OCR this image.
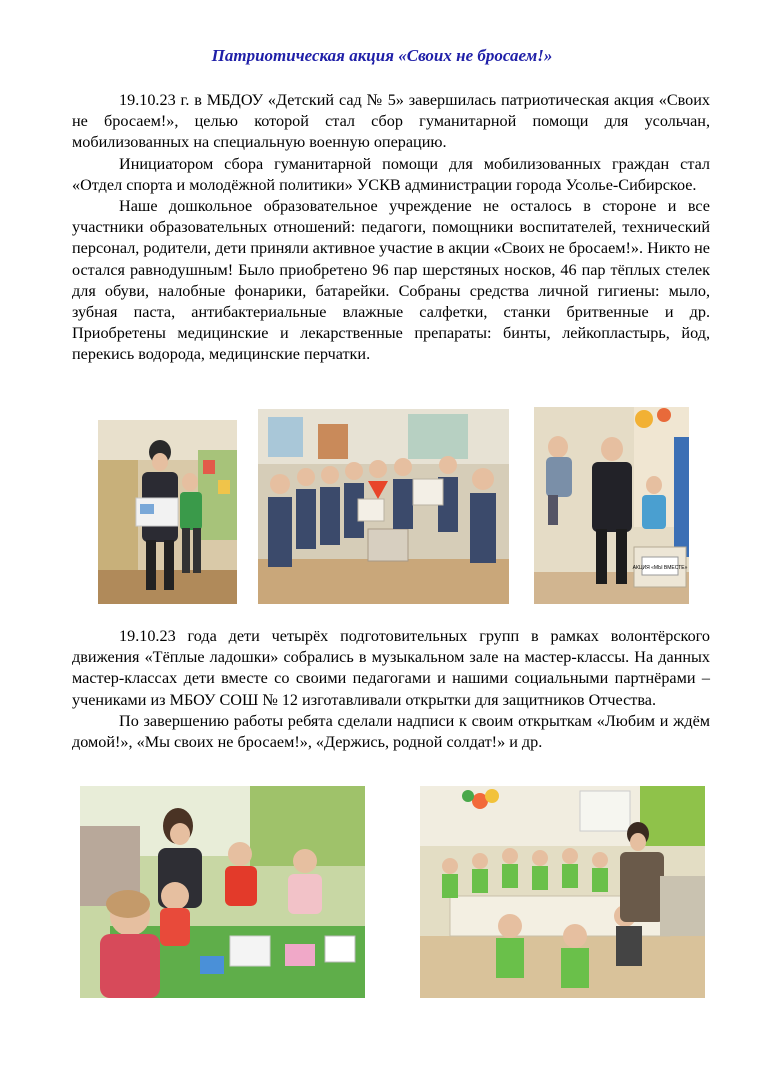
Патриотическая акция «Своих не бросаем!»

19.10.23 г. в МБДОУ «Детский сад № 5» завершилась патриотическая акция «Своих не бросаем!», целью которой стал сбор гуманитарной помощи для усольчан, мобилизованных на специальную военную операцию.

Инициатором сбора гуманитарной помощи для мобилизованных граждан стал «Отдел спорта и молодёжной политики» УСКВ администрации города Усолье-Сибирское.

Наше дошкольное образовательное учреждение не осталось в стороне и все участники образовательных отношений: педагоги, помощники воспитателей, технический персонал, родители, дети приняли активное участие в акции «Своих не бросаем!». Никто не остался равнодушным! Было приобретено 96 пар шерстяных носков, 46 пар тёплых стелек для обуви, налобные фонарики, батарейки. Собраны средства личной гигиены: мыло, зубная паста, антибактериальные влажные салфетки, станки бритвенные и др. Приобретены медицинские и лекарственные препараты: бинты, лейкопластырь, йод, перекись водорода, медицинские перчатки.

АКЦИЯ «МЫ ВМЕСТЕ»

19.10.23 года дети четырёх подготовительных групп в рамках волонтёрского движения «Тёплые ладошки» собрались в музыкальном зале на мастер-классы. На данных мастер-классах дети вместе со своими педагогами и нашими социальными партнёрами – учениками из МБОУ СОШ № 12 изготавливали открытки для защитников Отчества.

По завершению работы ребята сделали надписи к своим открыткам «Любим и ждём домой!», «Мы своих не бросаем!», «Держись, родной солдат!» и др.
